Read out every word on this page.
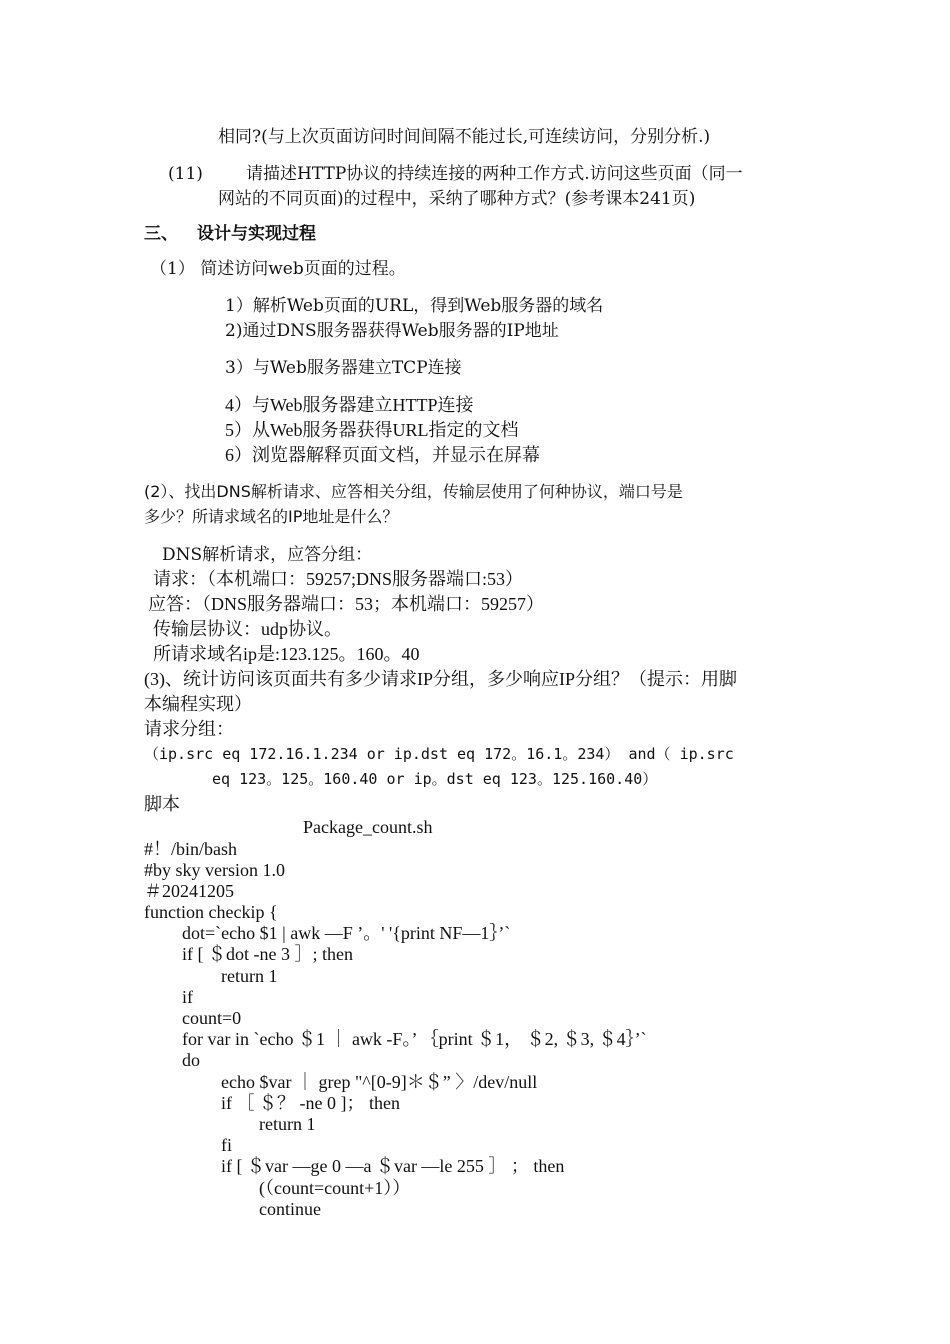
相同?(与上次页面访问时间间隔不能过长,可连续访问，分别分析.)
(11)	请描述HTTP协议的持续连接的两种工作方式.访问这些页面（同一
网站的不同页面)的过程中，采纳了哪种方式？(参考课本241页)
三、 设计与实现过程
（1） 简述访问web页面的过程。
1）解析Web页面的URL，得到Web服务器的域名
2)通过DNS服务器获得Web服务器的IP地址
3）与Web服务器建立TCP连接
4）与Web服务器建立HTTP连接
5）从Web服务器获得URL指定的文档
6）浏览器解释页面文档，并显示在屏幕
(2）、找出DNS解析请求、应答相关分组，传输层使用了何种协议，端口号是
多少？所请求域名的IP地址是什么？
DNS解析请求，应答分组：
请求：（本机端口：59257;DNS服务器端口:53）
应答：（DNS服务器端口：53；本机端口：59257）
传输层协议：udp协议。
所请求域名ip是:123.125。160。40
(3)、统计访问该页面共有多少请求IP分组，多少响应IP分组？（提示：用脚
本编程实现）
请求分组：
（ip.src eq 172.16.1.234 or ip.dst eq 172。16.1。234） and（ ip.src
eq 123。125。160.40 or ip。dst eq 123。125.160.40）
脚本
Package_count.sh
#！/bin/bash
#by sky version 1.0
＃20241205
function checkip {
dot=`echo $1 | awk —F ’。' '{print NF—1｝’`
if [ ＄dot -ne 3 ］; then
return 1
if
count=0
for var in `echo ＄1 ｜ awk -F。’ ｛print ＄1， ＄2, ＄3, ＄4｝’`
do
echo $var ｜ grep "^[0-9]＊＄” 〉/dev/null
if ［ ＄？ -ne 0 ]； then
return 1
fi
if [ ＄var —ge 0 —a ＄var —le 255 ］ ； then
(（count=count+1））
continue
